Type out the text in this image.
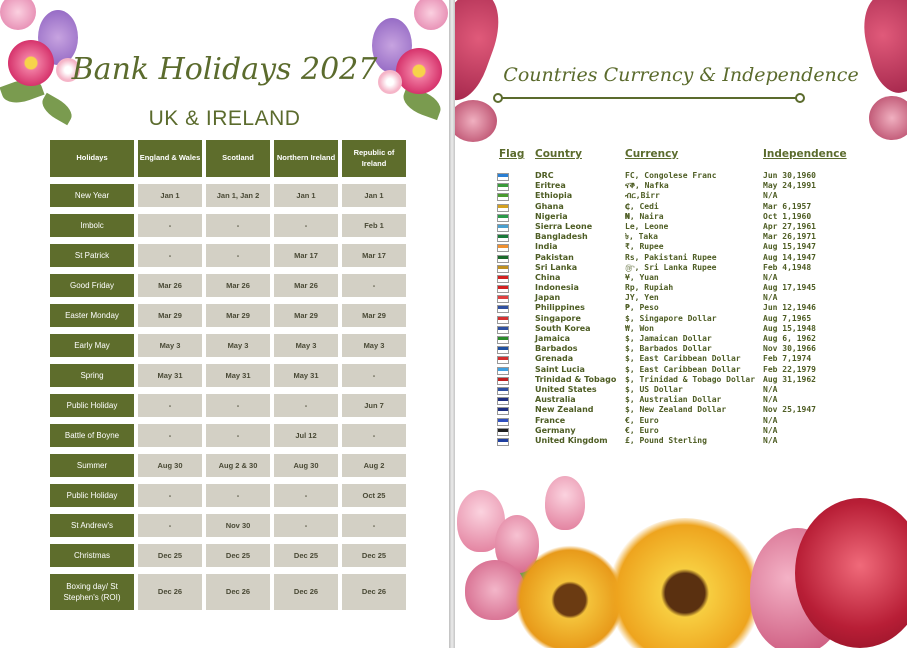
Bank Holidays 2027
UK & IRELAND
Holidays	England & Wales	Scotland	Northern Ireland	Republic of Ireland
New Year	Jan 1	Jan 1, Jan 2	Jan 1	Jan 1
Imbolc	-	-	-	Feb 1
St Patrick	-	-	Mar 17	Mar 17
Good Friday	Mar 26	Mar 26	Mar 26	-
Easter Monday	Mar 29	Mar 29	Mar 29	Mar 29
Early May	May 3	May 3	May 3	May 3
Spring	May 31	May 31	May 31	-
Public Holiday	-	-	-	Jun 7
Battle of Boyne	-	-	Jul 12	-
Summer	Aug 30	Aug 2 & 30	Aug 30	Aug 2
Public Holiday	-	-	-	Oct 25
St Andrew's	-	Nov 30	-	-
Christmas	Dec 25	Dec 25	Dec 25	Dec 25
Boxing day/ St Stephen's (ROI)	Dec 26	Dec 26	Dec 26	Dec 26
Countries Currency & Independence
Flag Country	Currency	Independence
DRC	FC, Congolese Franc	Jun 30,1960
Eritrea	ናቕ, Nafka	May 24,1991
Ethiopia	ብር,Birr	N/A
Ghana	₵, Cedi	Mar 6,1957
Nigeria	₦, Naira	Oct 1,1960
Sierra Leone	Le, Leone	Apr 27,1961
Bangladesh	৳, Taka	Mar 26,1971
India	₹, Rupee	Aug 15,1947
Pakistan	Rs, Pakistani Rupee	Aug 14,1947
Sri Lanka	௹, Sri Lanka Rupee	Feb 4,1948
China	¥, Yuan	N/A
Indonesia	Rp, Rupiah	Aug 17,1945
Japan	JY, Yen	N/A
Philippines	₱, Peso	Jun 12,1946
Singapore	$, Singapore Dollar	Aug 7,1965
South Korea	₩, Won	Aug 15,1948
Jamaica	$, Jamaican Dollar	Aug 6, 1962
Barbados	$, Barbados Dollar	Nov 30,1966
Grenada	$, East Caribbean Dollar	Feb 7,1974
Saint Lucia	$, East Caribbean Dollar	Feb 22,1979
Trinidad & Tobago $, Trinidad & Tobago Dollar Aug 31,1962
United States	$, US Dollar	N/A
Australia	$, Australian Dollar	N/A
New Zealand	$, New Zealand Dollar	Nov 25,1947
France	€, Euro	N/A
Germany	€, Euro	N/A
United Kingdom £, Pound Sterling	N/A
